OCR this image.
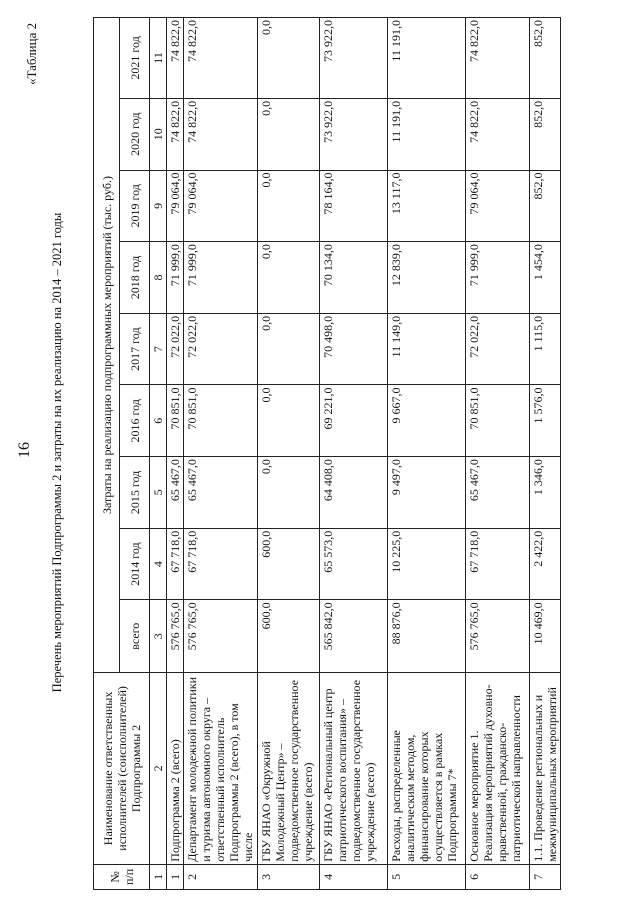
16
«Таблица 2
Перечень мероприятий Подпрограммы 2 и затраты на их реализацию на 2014 – 2021 годы
№ п/п	Наименование ответственных исполнителей (соисполнителей) Подпрограммы 2	Затраты на реализацию подпрограммных мероприятий (тыс. руб.)								
		всего	2014 год	2015 год	2016 год	2017 год	2018 год	2019 год	2020 год	2021 год
1	2	3	4	5	6	7	8	9	10	11
1	Подпрограмма 2 (всего)	576 765,0	67 718,0	65 467,0	70 851,0	72 022,0	71 999,0	79 064,0	74 822,0	74 822,0
2	Департамент молодежной политики и туризма автономного округа – ответственный исполнитель Подпрограммы 2 (всего), в том числе	576 765,0	67 718,0	65 467,0	70 851,0	72 022,0	71 999,0	79 064,0	74 822,0	74 822,0
3	ГБУ ЯНАО «Окружной Молодежный Центр» – подведомственное государственное учреждение (всего)	600,0	600,0	0,0	0,0	0,0	0,0	0,0	0,0	0,0
4	ГБУ ЯНАО «Региональный центр патриотического воспитания» – подведомственное государственное учреждение (всего)	565 842,0	65 573,0	64 408,0	69 221,0	70 498,0	70 134,0	78 164,0	73 922,0	73 922,0
5	Расходы, распределенные аналитическим методом, финансирование которых осуществляется в рамках Подпрограммы 7*	88 876,0	10 225,0	9 497,0	9 667,0	11 149,0	12 839,0	13 117,0	11 191,0	11 191,0
6	Основное мероприятие 1. Реализация мероприятий духовно-нравственной, гражданско-патриотической направленности	576 765,0	67 718,0	65 467,0	70 851,0	72 022,0	71 999,0	79 064,0	74 822,0	74 822,0
7	1.1. Проведение региональных и межмуниципальных мероприятий	10 469,0	2 422,0	1 346,0	1 576,0	1 115,0	1 454,0	852,0	852,0	852,0
